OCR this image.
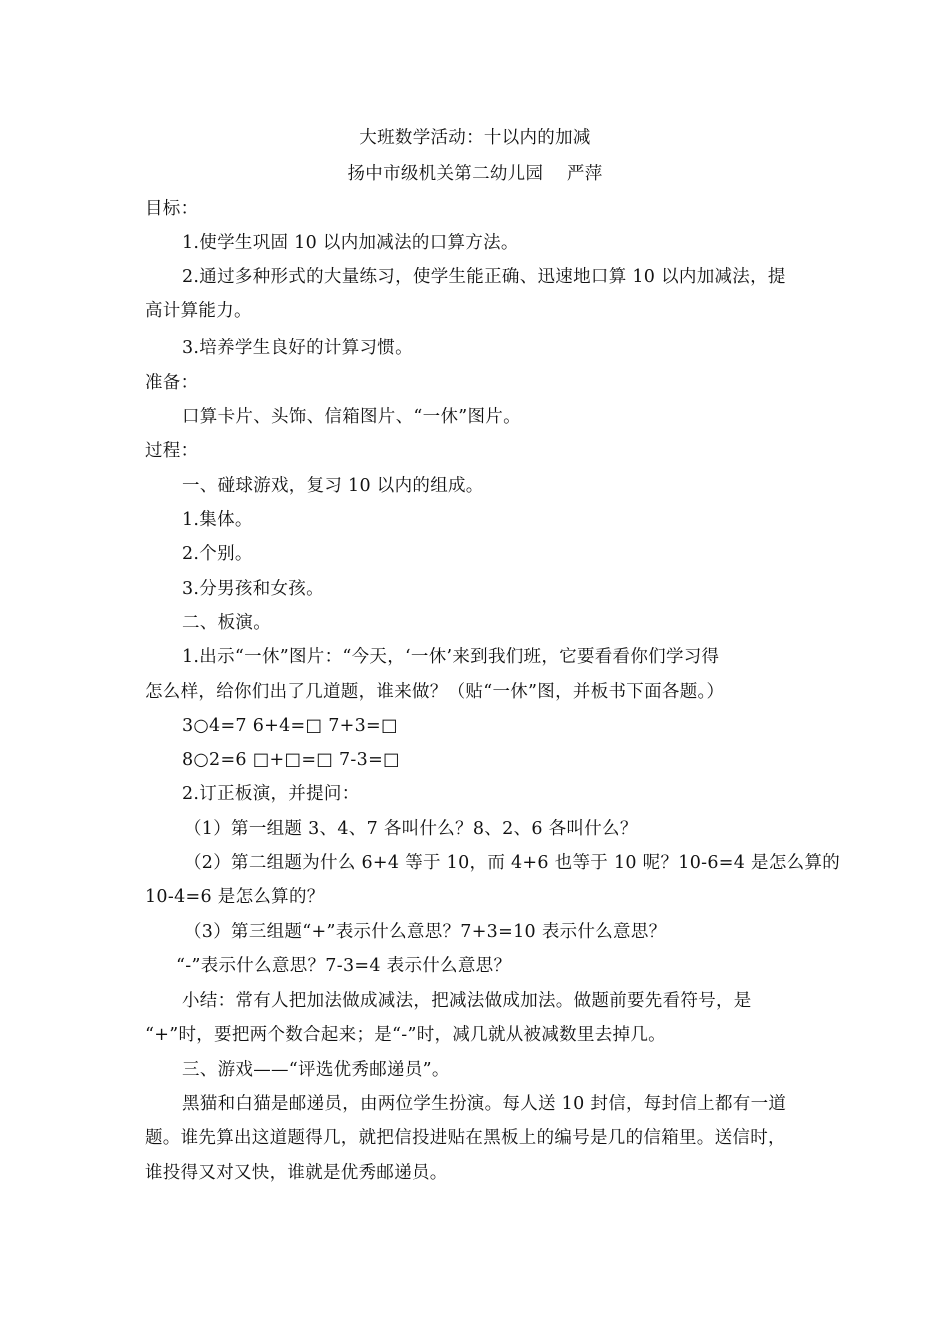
大班数学活动：十以内的加减
扬中市级机关第二幼儿园　 严萍
目标：
1.使学生巩固 10 以内加减法的口算方法。
2.通过多种形式的大量练习，使学生能正确、迅速地口算 10 以内加减法，提
高计算能力。
3.培养学生良好的计算习惯。
准备：
口算卡片、头饰、信箱图片、“一休”图片。
过程：
一、碰球游戏，复习 10 以内的组成。
1.集体。
2.个别。
3.分男孩和女孩。
二、板演。
1.出示“一休”图片：“今天，‘一休’来到我们班，它要看看你们学习得
怎么样，给你们出了几道题，谁来做？（贴“一休”图，并板书下面各题。）
3○4=7 6+4=□ 7+3=□
8○2=6 □+□=□ 7-3=□
2.订正板演，并提问：
（1）第一组题 3、4、7 各叫什么？8、2、6 各叫什么？
（2）第二组题为什么 6+4 等于 10，而 4+6 也等于 10 呢？10-6=4 是怎么算的
10-4=6 是怎么算的？
（3）第三组题“+”表示什么意思？7+3=10 表示什么意思？
“-”表示什么意思？7-3=4 表示什么意思？
小结：常有人把加法做成减法，把减法做成加法。做题前要先看符号，是
“+”时，要把两个数合起来；是“-”时，减几就从被减数里去掉几。
三、游戏——“评选优秀邮递员”。
黑猫和白猫是邮递员，由两位学生扮演。每人送 10 封信，每封信上都有一道
题。谁先算出这道题得几，就把信投进贴在黑板上的编号是几的信箱里。送信时，
谁投得又对又快，谁就是优秀邮递员。
